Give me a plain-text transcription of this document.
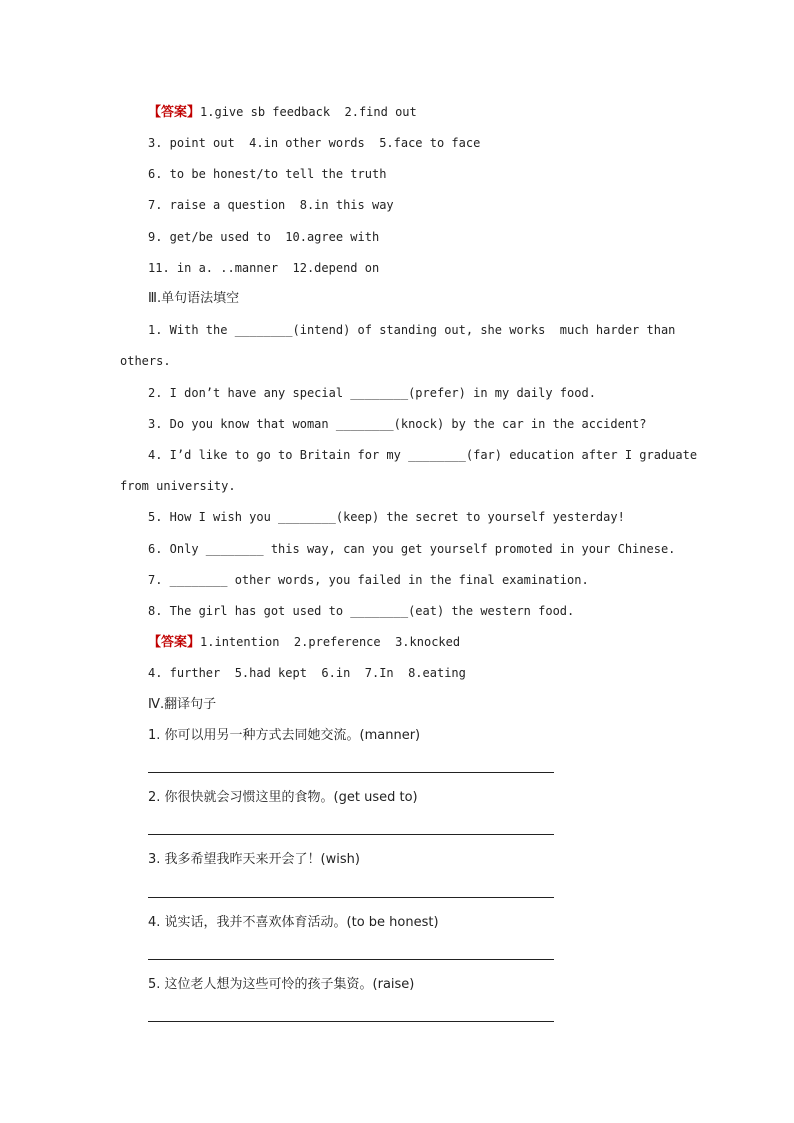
【答案】1.give sb feedback  2.find out
3. point out  4.in other words  5.face to face
6. to be honest/to tell the truth
7. raise a question  8.in this way
9. get/be used to  10.agree with
11. in a. ..manner  12.depend on
Ⅲ.单句语法填空
1. With the ________(intend) of standing out, she works  much harder than
others.
2. I don’t have any special ________(prefer) in my daily food.
3. Do you know that woman ________(knock) by the car in the accident?
4. I’d like to go to Britain for my ________(far) education after I graduate
from university.
5. How I wish you ________(keep) the secret to yourself yesterday!
6. Only ________ this way, can you get yourself promoted in your Chinese.
7. ________ other words, you failed in the final examination.
8. The girl has got used to ________(eat) the western food.
【答案】1.intention  2.preference  3.knocked
4. further  5.had kept  6.in  7.In  8.eating
Ⅳ.翻译句子
1. 你可以用另一种方式去同她交流。(manner)
2. 你很快就会习惯这里的食物。(get used to)
3. 我多希望我昨天来开会了！(wish)
4. 说实话，我并不喜欢体育活动。(to be honest)
5. 这位老人想为这些可怜的孩子集资。(raise)
